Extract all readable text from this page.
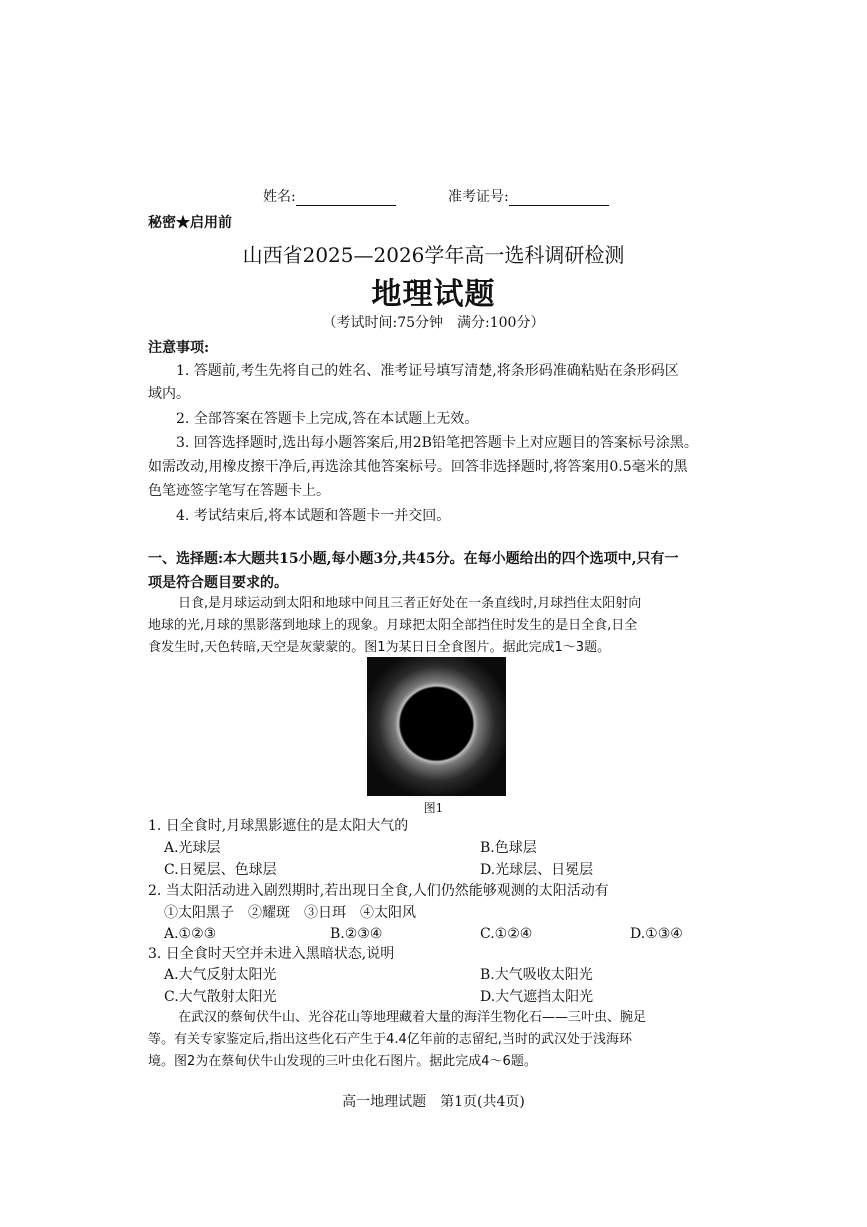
姓名:	准考证号:
秘密★启用前
山西省2025—2026学年高一选科调研检测
地理试题
（考试时间:75分钟　满分:100分）
注意事项:
1. 答题前,考生先将自己的姓名、准考证号填写清楚,将条形码准确粘贴在条形码区
域内。
2. 全部答案在答题卡上完成,答在本试题上无效。
3. 回答选择题时,选出每小题答案后,用2B铅笔把答题卡上对应题目的答案标号涂黑。
如需改动,用橡皮擦干净后,再选涂其他答案标号。回答非选择题时,将答案用0.5毫米的黑
色笔迹签字笔写在答题卡上。
4. 考试结束后,将本试题和答题卡一并交回。
一、选择题:本大题共15小题,每小题3分,共45分。在每小题给出的四个选项中,只有一
项是符合题目要求的。
日食,是月球运动到太阳和地球中间且三者正好处在一条直线时,月球挡住太阳射向
地球的光,月球的黑影落到地球上的现象。月球把太阳全部挡住时发生的是日全食,日全
食发生时,天色转暗,天空是灰蒙蒙的。图1为某日日全食图片。据此完成1～3题。
图1
1. 日全食时,月球黑影遮住的是太阳大气的
A.光球层	B.色球层
C.日冕层、色球层	D.光球层、日冕层
2. 当太阳活动进入剧烈期时,若出现日全食,人们仍然能够观测的太阳活动有
①太阳黑子　②耀斑　③日珥　④太阳风
A.①②③	B.②③④	C.①②④	D.①③④
3. 日全食时天空并未进入黑暗状态,说明
A.大气反射太阳光	B.大气吸收太阳光
C.大气散射太阳光	D.大气遮挡太阳光
在武汉的蔡甸伏牛山、光谷花山等地理藏着大量的海洋生物化石——三叶虫、腕足
等。有关专家鉴定后,指出这些化石产生于4.4亿年前的志留纪,当时的武汉处于浅海环
境。图2为在蔡甸伏牛山发现的三叶虫化石图片。据此完成4～6题。
高一地理试题　第1页(共4页)
